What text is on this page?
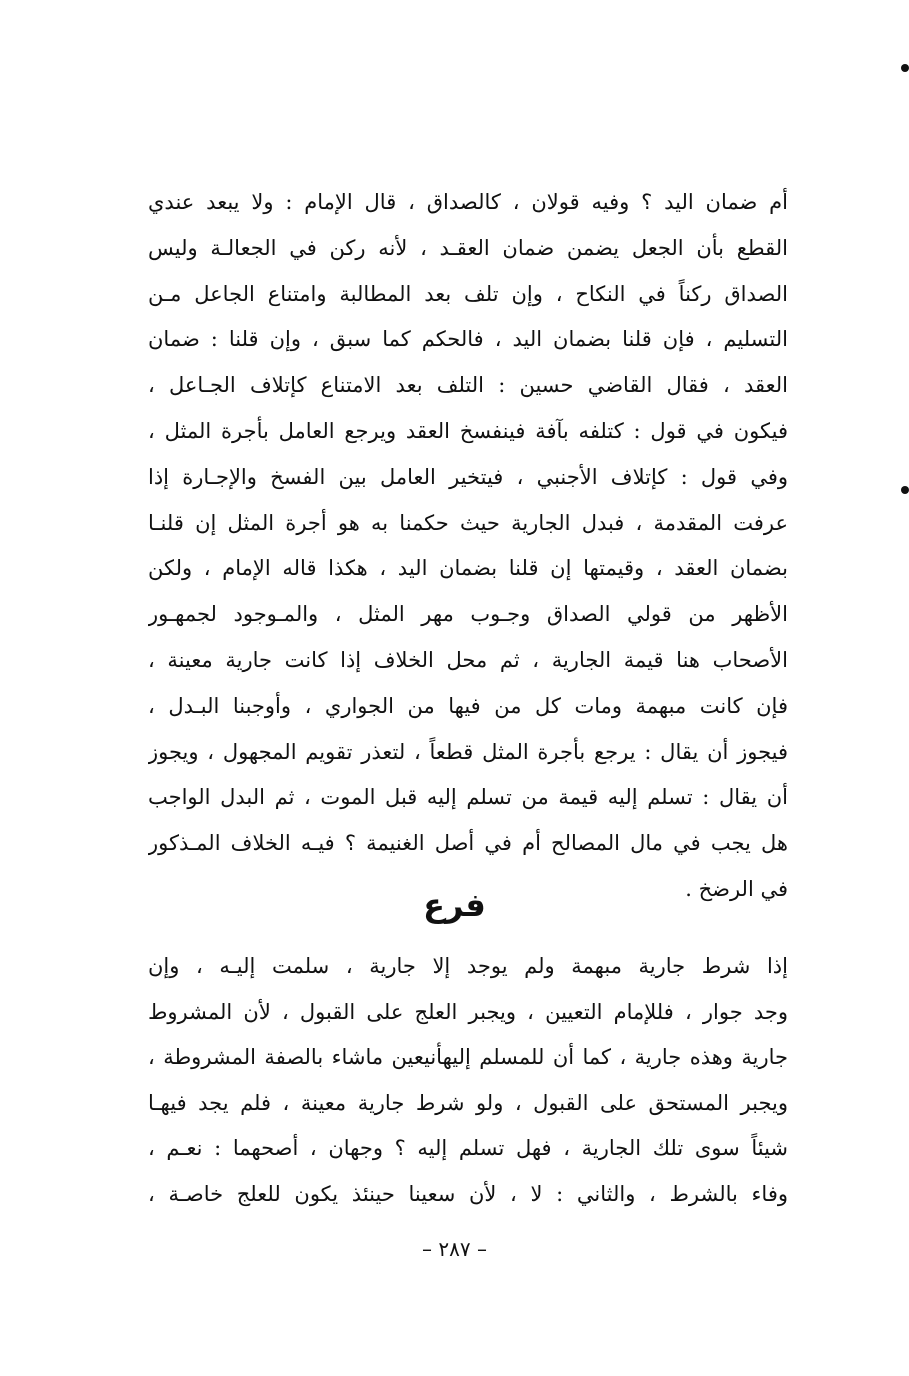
أم ضمان اليد ؟ وفيه قولان ، كالصداق ، قال الإمام : ولا يبعد عندي
القطع بأن الجعل يضمن ضمان العقـد ، لأنه ركن في الجعالـة وليس
الصداق ركناً في النكاح ، وإن تلف بعد المطالبة وامتناع الجاعل مـن
التسليم ، فإن قلنا بضمان اليد ، فالحكم كما سبق ، وإن قلنا : ضمان
العقد ، فقال القاضي حسين : التلف بعد الامتناع كإتلاف الجـاعل ،
فيكون في قول : كتلفه بآفة فينفسخ العقد ويرجع العامل بأجرة المثل ،
وفي قول : كإتلاف الأجنبي ، فيتخير العامل بين الفسخ والإجـارة إذا
عرفت المقدمة ، فبدل الجارية حيث حكمنا به هو أجرة المثل إن قلنـا
بضمان العقد ، وقيمتها إن قلنا بضمان اليد ، هكذا قاله الإمام ، ولكن
الأظهر من قولي الصداق وجـوب مهر المثل ، والمـوجود لجمهـور
الأصحاب هنا قيمة الجارية ، ثم محل الخلاف إذا كانت جارية معينة ،
فإن كانت مبهمة ومات كل من فيها من الجواري ، وأوجبنا البـدل ،
فيجوز أن يقال : يرجع بأجرة المثل قطعاً ، لتعذر تقويم المجهول ، ويجوز
أن يقال : تسلم إليه قيمة من تسلم إليه قبل الموت ، ثم البدل الواجب
هل يجب في مال المصالح أم في أصل الغنيمة ؟ فيـه الخلاف المـذكور
في الرضخ .
فرع
إذا شرط جارية مبهمة ولم يوجد إلا جارية ، سلمت إليـه ، وإن
وجد جوار ، فللإمام التعيين ، ويجبر العلج على القبول ، لأن المشروط
جارية وهذه جارية ، كما أن للمسلم إليهأنيعين ماشاء بالصفة المشروطة ،
ويجبر المستحق على القبول ، ولو شرط جارية معينة ، فلم يجد فيهـا
شيئاً سوى تلك الجارية ، فهل تسلم إليه ؟ وجهان ، أصحهما : نعـم ،
وفاء بالشرط ، والثاني : لا ، لأن سعينا حينئذ يكون للعلج خاصـة ،
– ٢٨٧ –
